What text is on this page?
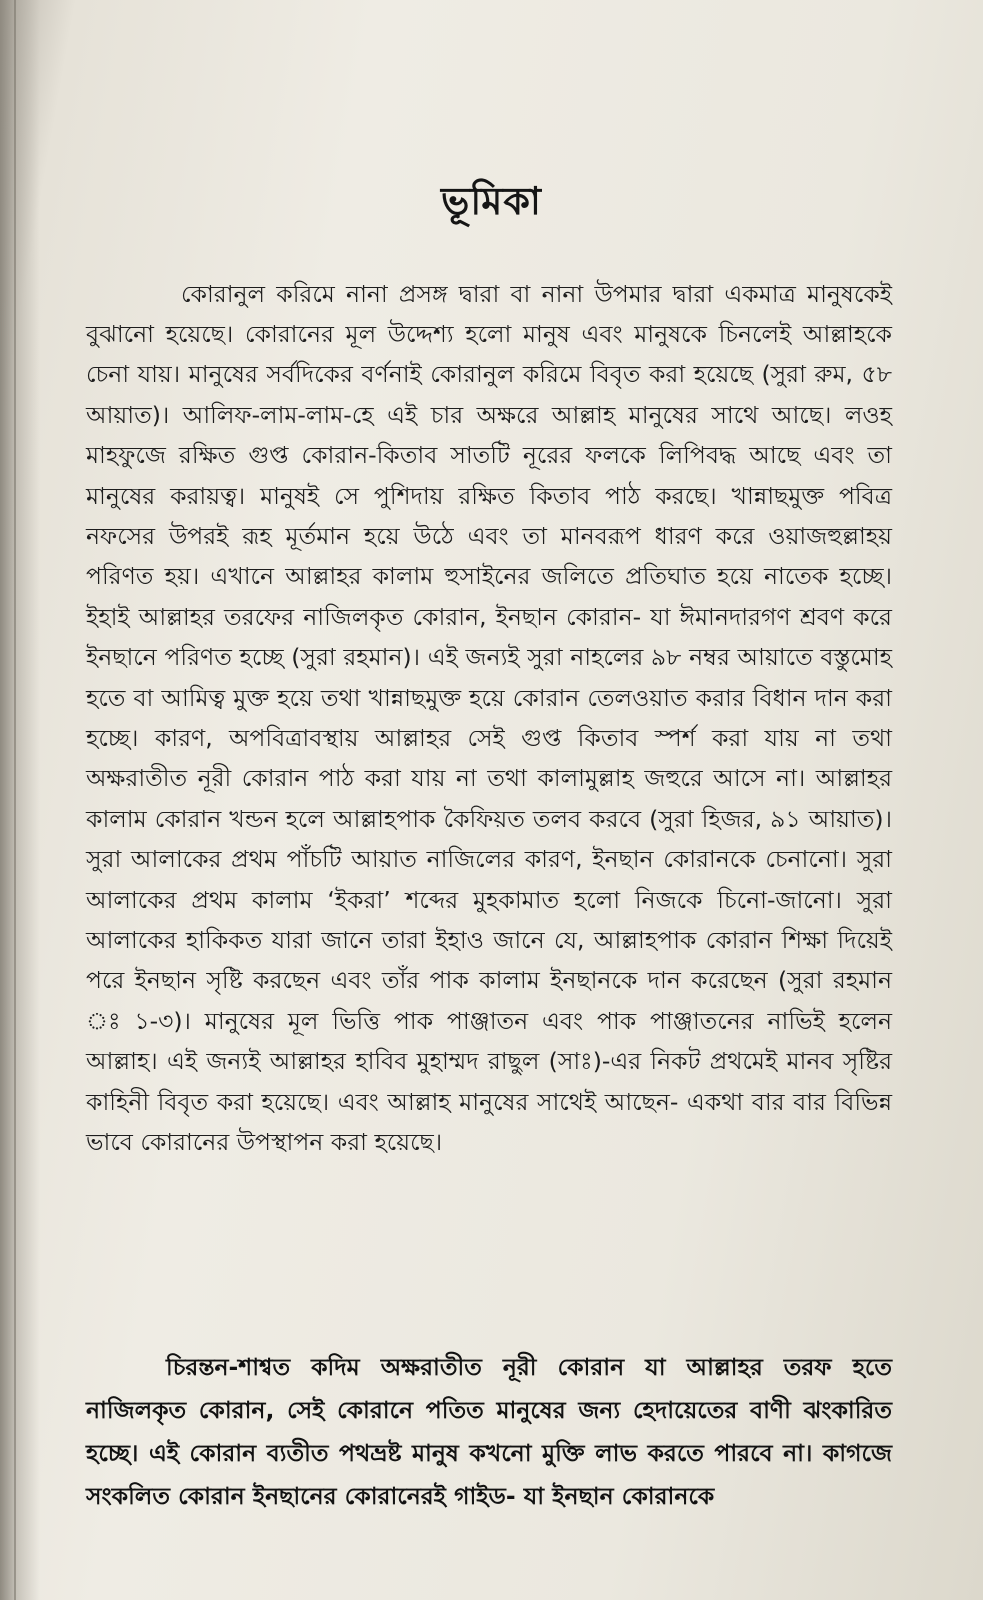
ভূমিকা

কোরানুল করিমে নানা প্রসঙ্গ দ্বারা বা নানা উপমার দ্বারা একমাত্র মানুষকেই বুঝানো হয়েছে। কোরানের মূল উদ্দেশ্য হলো মানুষ এবং মানুষকে চিনলেই আল্লাহকে চেনা যায়। মানুষের সর্বদিকের বর্ণনাই কোরানুল করিমে বিবৃত করা হয়েছে (সুরা রুম, ৫৮ আয়াত)। আলিফ-লাম-লাম-হে এই চার অক্ষরে আল্লাহ মানুষের সাথে আছে। লওহ মাহফুজে রক্ষিত গুপ্ত কোরান-কিতাব সাতটি নূরের ফলকে লিপিবদ্ধ আছে এবং তা মানুষের করায়ত্ব। মানুষই সে পুশিদায় রক্ষিত কিতাব পাঠ করছে। খান্নাছমুক্ত পবিত্র নফসের উপরই রূহ মূর্তমান হয়ে উঠে এবং তা মানবরূপ ধারণ করে ওয়াজহুল্লাহয় পরিণত হয়। এখানে আল্লাহর কালাম হুসাইনের জলিতে প্রতিঘাত হয়ে নাতেক হচ্ছে। ইহাই আল্লাহর তরফের নাজিলকৃত কোরান, ইনছান কোরান- যা ঈমানদারগণ শ্রবণ করে ইনছানে পরিণত হচ্ছে (সুরা রহমান)। এই জন্যই সুরা নাহলের ৯৮ নম্বর আয়াতে বস্তুমোহ হতে বা আমিত্ব মুক্ত হয়ে তথা খান্নাছমুক্ত হয়ে কোরান তেলওয়াত করার বিধান দান করা হচ্ছে। কারণ, অপবিত্রাবস্থায় আল্লাহর সেই গুপ্ত কিতাব স্পর্শ করা যায় না তথা অক্ষরাতীত নূরী কোরান পাঠ করা যায় না তথা কালামুল্লাহ জহুরে আসে না। আল্লাহর কালাম কোরান খন্ডন হলে আল্লাহপাক কৈফিয়ত তলব করবে (সুরা হিজর, ৯১ আয়াত)। সুরা আলাকের প্রথম পাঁচটি আয়াত নাজিলের কারণ, ইনছান কোরানকে চেনানো। সুরা আলাকের প্রথম কালাম ‘ইকরা’ শব্দের মুহকামাত হলো নিজকে চিনো-জানো। সুরা আলাকের হাকিকত যারা জানে তারা ইহাও জানে যে, আল্লাহপাক কোরান শিক্ষা দিয়েই পরে ইনছান সৃষ্টি করছেন এবং তাঁর পাক কালাম ইনছানকে দান করেছেন (সুরা রহমান ঃ ১-৩)। মানুষের মূল ভিত্তি পাক পাঞ্জাতন এবং পাক পাঞ্জাতনের নাভিই হলেন আল্লাহ। এই জন্যই আল্লাহর হাবিব মুহাম্মদ রাছুল (সাঃ)-এর নিকট প্রথমেই মানব সৃষ্টির কাহিনী বিবৃত করা হয়েছে। এবং আল্লাহ মানুষের সাথেই আছেন- একথা বার বার বিভিন্ন ভাবে কোরানের উপস্থাপন করা হয়েছে।

চিরন্তন-শাশ্বত কদিম অক্ষরাতীত নূরী কোরান যা আল্লাহর তরফ হতে নাজিলকৃত কোরান, সেই কোরানে পতিত মানুষের জন্য হেদায়েতের বাণী ঝংকারিত হচ্ছে। এই কোরান ব্যতীত পথভ্রষ্ট মানুষ কখনো মুক্তি লাভ করতে পারবে না। কাগজে সংকলিত কোরান ইনছানের কোরানেরই গাইড- যা ইনছান কোরানকে
